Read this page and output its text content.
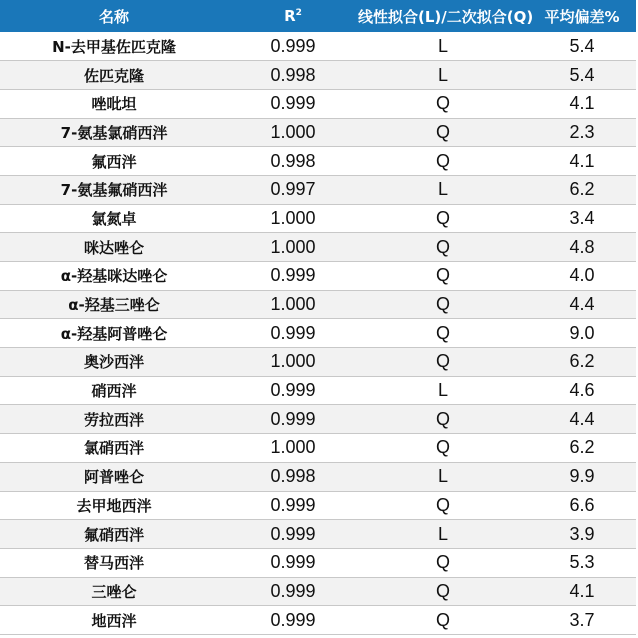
名称	$R^2$	线性拟合(L)/二次拟合(Q)	平均偏差%
N-去甲基佐匹克隆	0.999	L	5.4
佐匹克隆	0.998	L	5.4
唑吡坦	0.999	Q	4.1
7-氨基氯硝西泮	1.000	Q	2.3
氟西泮	0.998	Q	4.1
7-氨基氟硝西泮	0.997	L	6.2
氯氮卓	1.000	Q	3.4
咪达唑仑	1.000	Q	4.8
α-羟基咪达唑仑	0.999	Q	4.0
α-羟基三唑仑	1.000	Q	4.4
α-羟基阿普唑仑	0.999	Q	9.0
奥沙西泮	1.000	Q	6.2
硝西泮	0.999	L	4.6
劳拉西泮	0.999	Q	4.4
氯硝西泮	1.000	Q	6.2
阿普唑仑	0.998	L	9.9
去甲地西泮	0.999	Q	6.6
氟硝西泮	0.999	L	3.9
替马西泮	0.999	Q	5.3
三唑仑	0.999	Q	4.1
地西泮	0.999	Q	3.7
